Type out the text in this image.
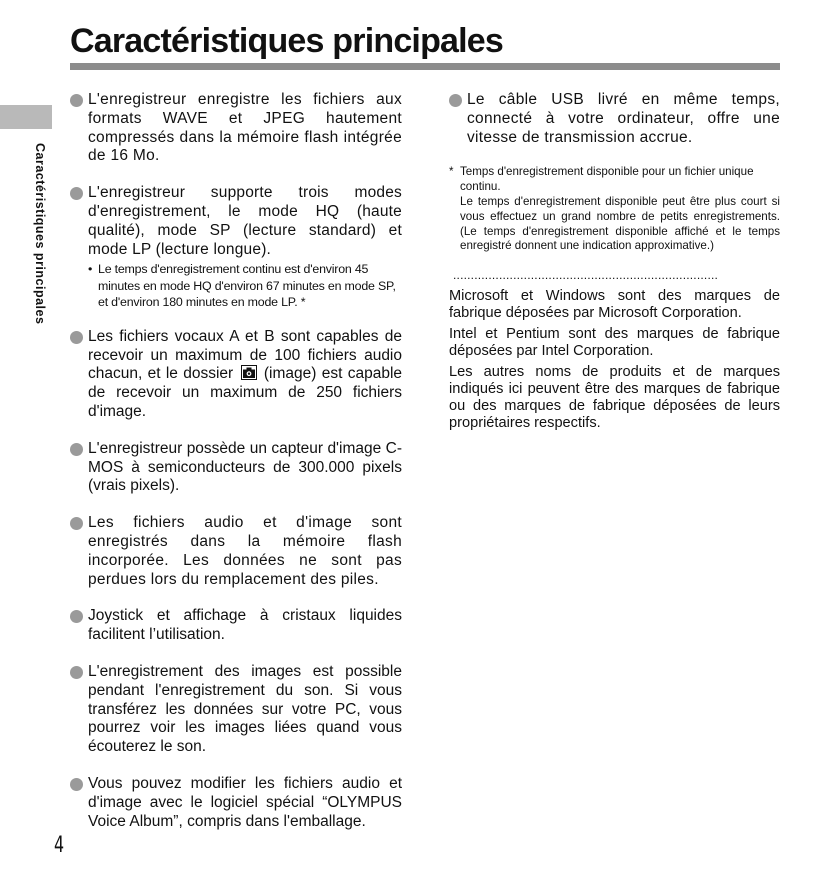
Caractéristiques principales
Caractéristiques principales

L'enregistreur enregistre les fichiers aux formats WAVE et JPEG hautement compressés dans la mémoire flash intégrée de 16 Mo.

L'enregistreur supporte trois modes d'enregistrement, le mode HQ (haute qualité), mode SP (lecture standard) et mode LP (lecture longue).

• Le temps d'enregistrement continu est d'environ 45 minutes en mode HQ d'environ 67 minutes en mode SP, et d'environ 180 minutes en mode LP. *

Les fichiers vocaux A et B sont capables de recevoir un maximum de 100 fichiers audio chacun, et le dossier (image) est capable de recevoir un maximum de 250 fichiers d'image.

L'enregistreur possède un capteur d'image C-MOS à semiconducteurs de 300.000 pixels (vrais pixels).

Les fichiers audio et d'image sont enregistrés dans la mémoire flash incorporée. Les données ne sont pas perdues lors du remplacement des piles.

Joystick et affichage à cristaux liquides facilitent l’utilisation.

L'enregistrement des images est possible pendant l'enregistrement du son. Si vous transférez les données sur votre PC, vous pourrez voir les images liées quand vous écouterez le son.

Vous pouvez modifier les fichiers audio et d'image avec le logiciel spécial “OLYMPUS Voice Album”, compris dans l'emballage.

Le câble USB livré en même temps, connecté à votre ordinateur, offre une vitesse de transmission accrue.

* Temps d'enregistrement disponible pour un fichier unique continu.
Le temps d'enregistrement disponible peut être plus court si vous effectuez un grand nombre de petits enregistrements. (Le temps d'enregistrement disponible affiché et le temps enregistré donnent une indication approximative.)
...........................................................................

Microsoft et Windows sont des marques de fabrique déposées par Microsoft Corporation.

Intel et Pentium sont des marques de fabrique déposées par Intel Corporation.

Les autres noms de produits et de marques indiqués ici peuvent être des marques de fabrique ou des marques de fabrique déposées de leurs propriétaires respectifs.

4
